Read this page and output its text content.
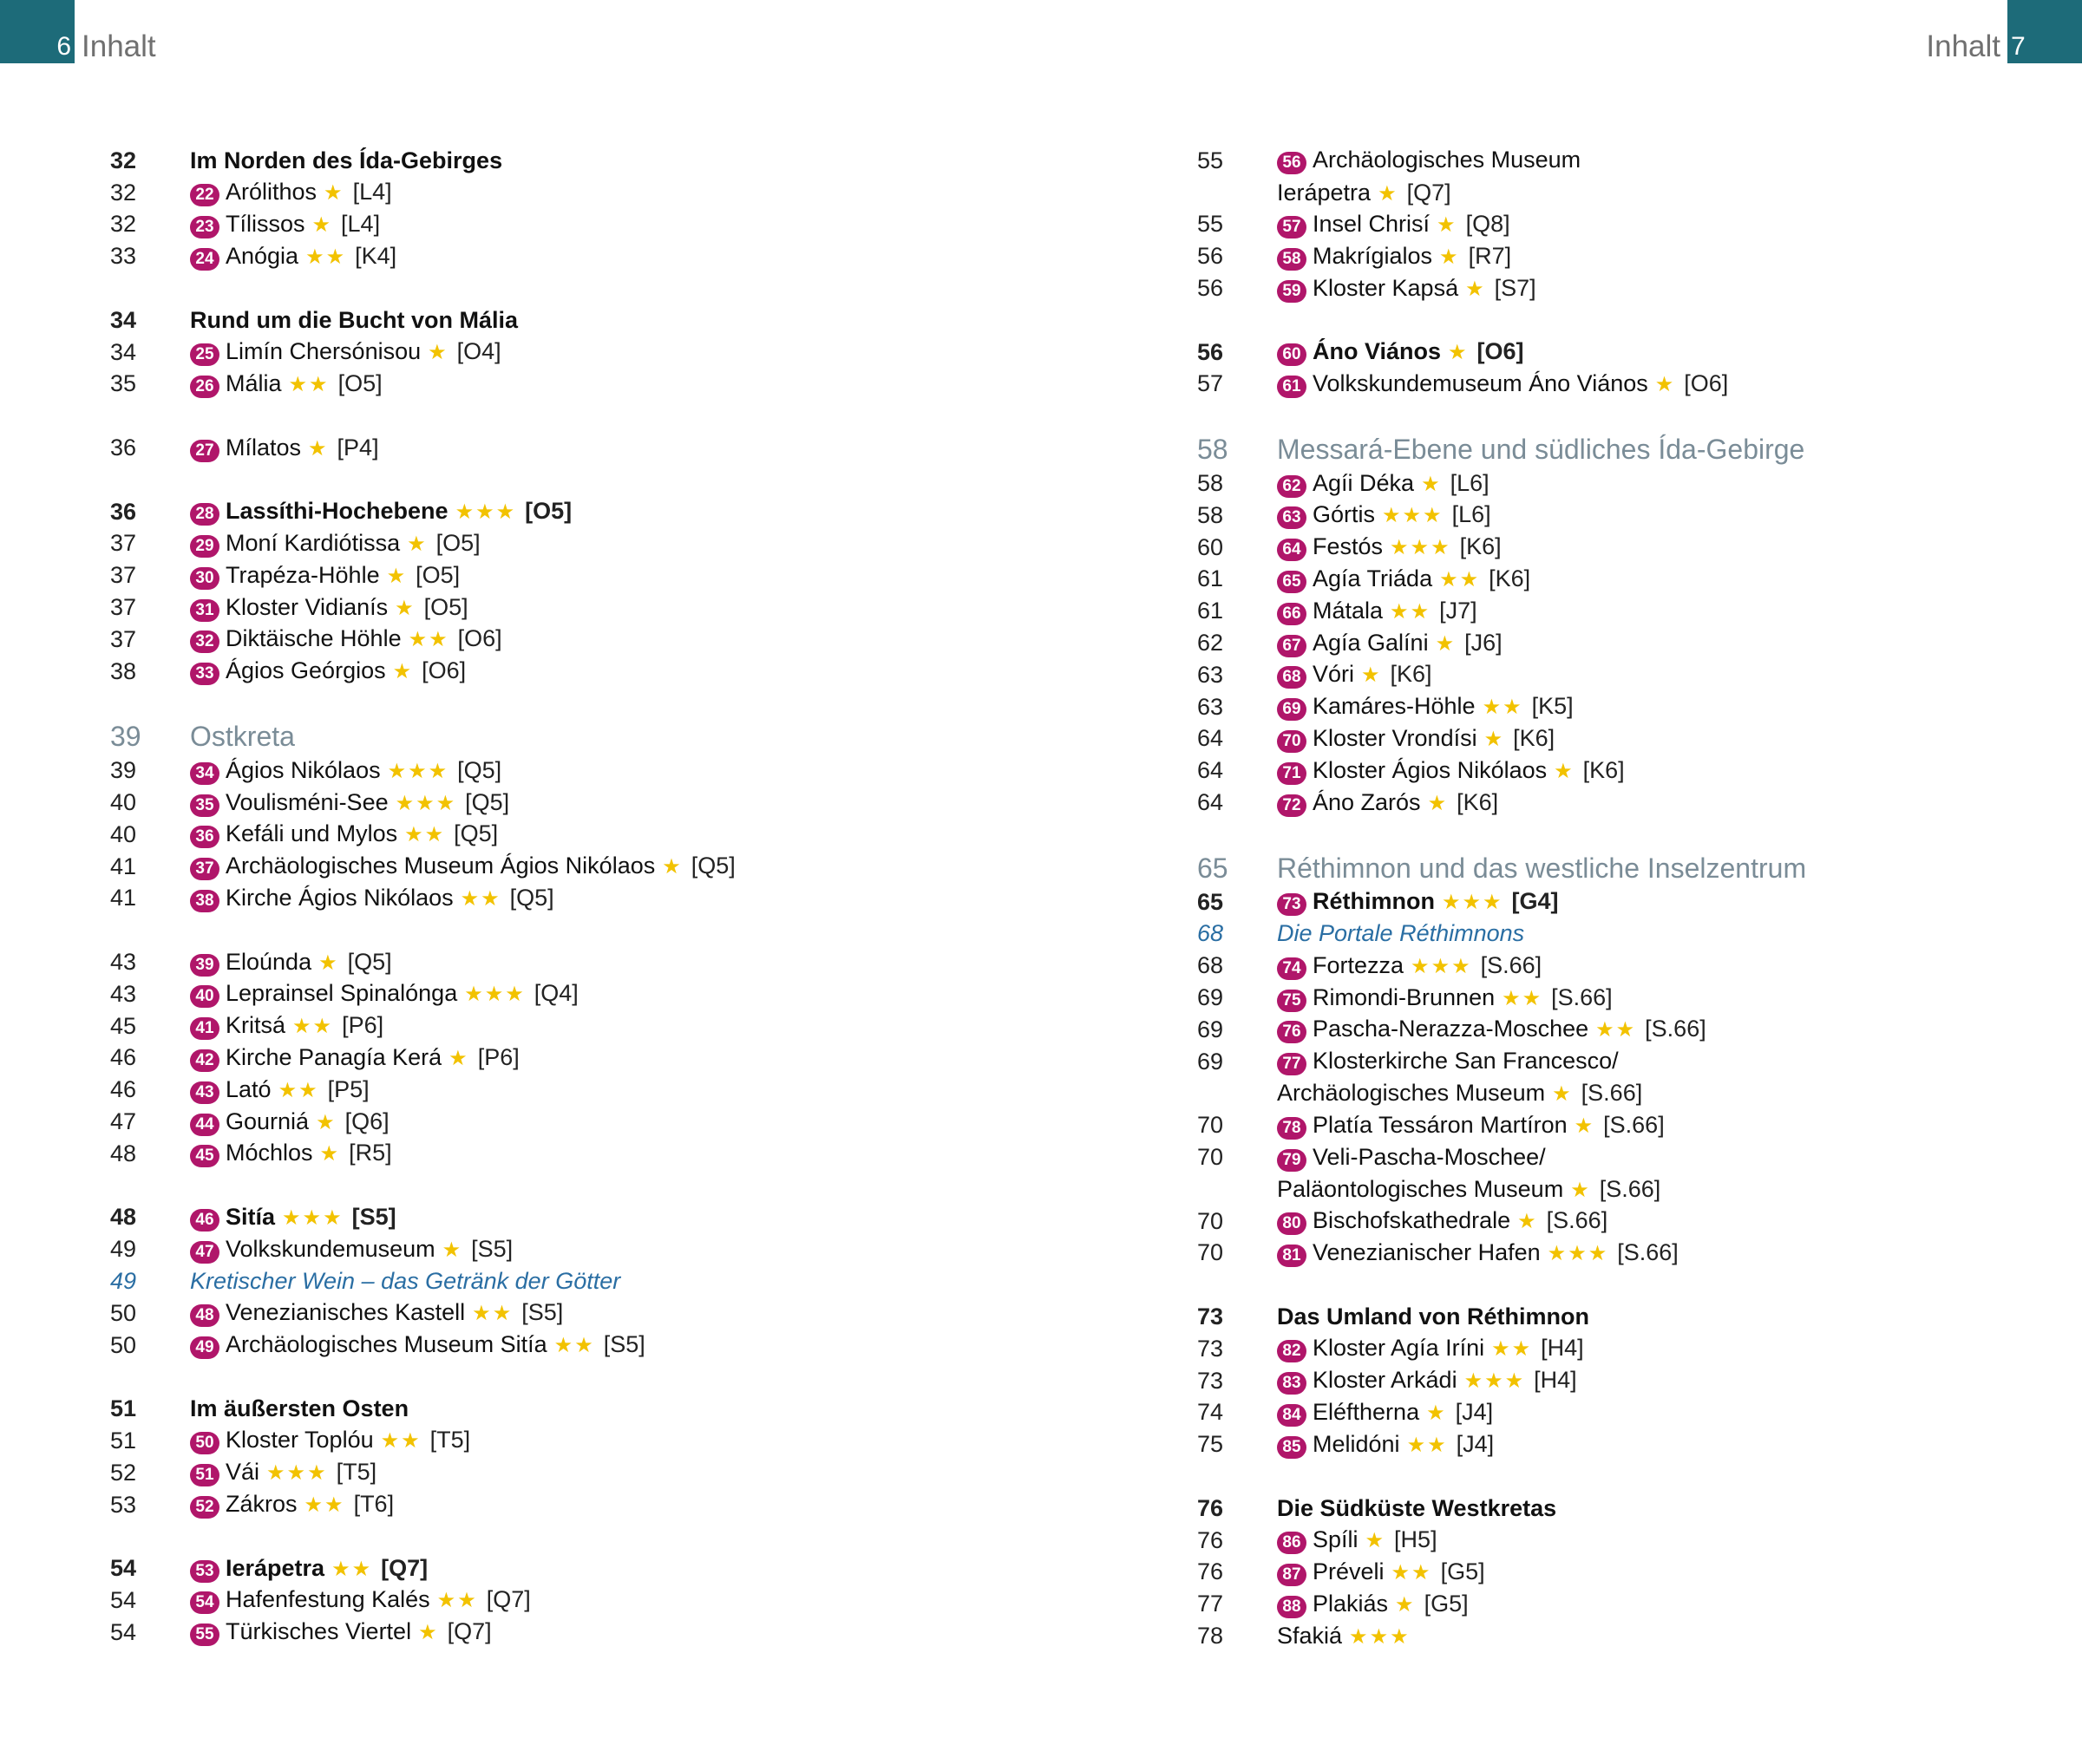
6 Inhalt	7
Inhalt
32	Im Norden des Ída-Gebirges
32	22 Arólithos ★ [L4]
32	23 Tílissos ★ [L4]
33	24 Anógia ★★ [K4]
34	Rund um die Bucht von Mália
34	25 Limín Chersónisou ★ [O4]
35	26 Mália ★★ [O5]
36	27 Mílatos ★ [P4]
36	28 Lassíthi-Hochebene ★★★ [O5]
37	29 Moní Kardiótissa ★ [O5]
37	30 Trapéza-Höhle ★ [O5]
37	31 Kloster Vidianís ★ [O5]
37	32 Diktäische Höhle ★★ [O6]
38	33 Ágios Geórgios ★ [O6]
39	Ostkreta
39	34 Ágios Nikólaos ★★★ [Q5]
40	35 Voulisméni-See ★★★ [Q5]
40	36 Kefáli und Mylos ★★ [Q5]
41	37 Archäologisches Museum Ágios Nikólaos ★ [Q5]
41	38 Kirche Ágios Nikólaos ★★ [Q5]
43	39 Eloúnda ★ [Q5]
43	40 Leprainsel Spinalónga ★★★ [Q4]
45	41 Kritsá ★★ [P6]
46	42 Kirche Panagía Kerá ★ [P6]
46	43 Lató ★★ [P5]
47	44 Gourniá ★ [Q6]
48	45 Móchlos ★ [R5]
48	46 Sitía ★★★ [S5]
49	47 Volkskundemuseum ★ [S5]
49	Kretischer Wein – das Getränk der Götter
50	48 Venezianisches Kastell ★★ [S5]
50	49 Archäologisches Museum Sitía ★★ [S5]
51	Im äußersten Osten
51	50 Kloster Toplóu ★★ [T5]
52	51 Vái ★★★ [T5]
53	52 Zákros ★★ [T6]
54	53 Ierápetra ★★ [Q7]
54	54 Hafenfestung Kalés ★★ [Q7]
54	55 Türkisches Viertel ★ [Q7]
55	56 Archäologisches Museum
Ierápetra ★ [Q7]
55	57 Insel Chrisí ★ [Q8]
56	58 Makrígialos ★ [R7]
56	59 Kloster Kapsá ★ [S7]
56	60 Áno Viános ★ [O6]
57	61 Volkskundemuseum Áno Viános ★ [O6]
58	Messará-Ebene und südliches Ída-Gebirge
58	62 Agíi Déka ★ [L6]
58	63 Górtis ★★★ [L6]
60	64 Festós ★★★ [K6]
61	65 Agía Triáda ★★ [K6]
61	66 Mátala ★★ [J7]
62	67 Agía Galíni ★ [J6]
63	68 Vóri ★ [K6]
63	69 Kamáres-Höhle ★★ [K5]
64	70 Kloster Vrondísi ★ [K6]
64	71 Kloster Ágios Nikólaos ★ [K6]
64	72 Áno Zarós ★ [K6]
65	Réthimnon und das westliche Inselzentrum
65	73 Réthimnon ★★★ [G4]
68	Die Portale Réthimnons
68	74 Fortezza ★★★ [S.66]
69	75 Rimondi-Brunnen ★★ [S.66]
69	76 Pascha-Nerazza-Moschee ★★ [S.66]
69	77 Klosterkirche San Francesco/
Archäologisches Museum ★ [S.66]
70	78 Platía Tessáron Martíron ★ [S.66]
70	79 Veli-Pascha-Moschee/
Paläontologisches Museum ★ [S.66]
70	80 Bischofskathedrale ★ [S.66]
70	81 Venezianischer Hafen ★★★ [S.66]
73	Das Umland von Réthimnon
73	82 Kloster Agía Iríni ★★ [H4]
73	83 Kloster Arkádi ★★★ [H4]
74	84 Eléftherna ★ [J4]
75	85 Melidóni ★★ [J4]
76	Die Südküste Westkretas
76	86 Spíli ★ [H5]
76	87 Préveli ★★ [G5]
77	88 Plakiás ★ [G5]
78	Sfakiá ★★★
